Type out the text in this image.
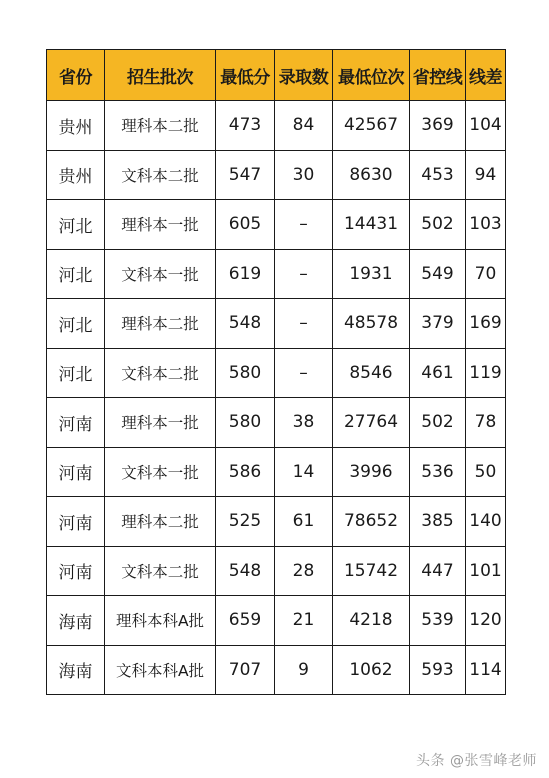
省份	招生批次	最低分	录取数	最低位次	省控线	线差
贵州	理科本二批	473	84	42567	369	104
贵州	文科本二批	547	30	8630	453	94
河北	理科本一批	605	–	14431	502	103
河北	文科本一批	619	–	1931	549	70
河北	理科本二批	548	–	48578	379	169
河北	文科本二批	580	–	8546	461	119
河南	理科本一批	580	38	27764	502	78
河南	文科本一批	586	14	3996	536	50
河南	理科本二批	525	61	78652	385	140
河南	文科本二批	548	28	15742	447	101
海南	理科本科A批	659	21	4218	539	120
海南	文科本科A批	707	9	1062	593	114
头条 @张雪峰老师
